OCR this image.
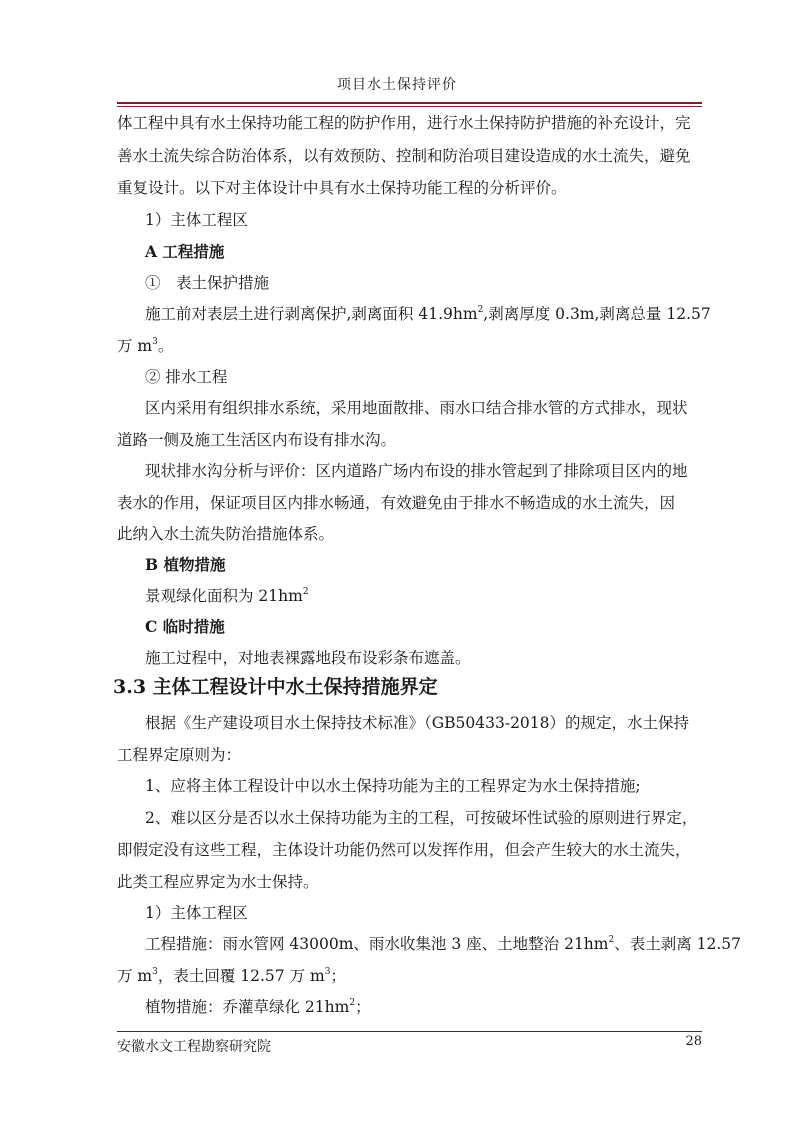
项目水土保持评价
体工程中具有水土保持功能工程的防护作用，进行水土保持防护措施的补充设计，完
善水土流失综合防治体系，以有效预防、控制和防治项目建设造成的水土流失，避免
重复设计。以下对主体设计中具有水土保持功能工程的分析评价。
1）主体工程区
A 工程措施
①　表土保护措施
施工前对表层土进行剥离保护,剥离面积 $41.9hm^2$,剥离厚度 0.3m,剥离总量 12.57
万 $m^3$。
② 排水工程
区内采用有组织排水系统，采用地面散排、雨水口结合排水管的方式排水，现状
道路一侧及施工生活区内布设有排水沟。
现状排水沟分析与评价：区内道路广场内布设的排水管起到了排除项目区内的地
表水的作用，保证项目区内排水畅通，有效避免由于排水不畅造成的水土流失，因
此纳入水土流失防治措施体系。
B 植物措施
景观绿化面积为 $21hm^2$
C 临时措施
施工过程中，对地表裸露地段布设彩条布遮盖。
3.3 主体工程设计中水土保持措施界定
根据《生产建设项目水土保持技术标准》（GB50433-2018）的规定，水土保持
工程界定原则为：
1、应将主体工程设计中以水土保持功能为主的工程界定为水土保持措施;
2、难以区分是否以水土保持功能为主的工程，可按破坏性试验的原则进行界定，
即假定没有这些工程，主体设计功能仍然可以发挥作用，但会产生较大的水土流失，
此类工程应界定为水士保持。
1）主体工程区
工程措施：雨水管网 43000m、雨水收集池 3 座、土地整治 $21hm^2$、表土剥离 12.57
万 $m^3$，表土回覆 12.57 万 $m^3$；
植物措施：乔灌草绿化 $21hm^2$；
安徽水文工程勘察研究院	28
